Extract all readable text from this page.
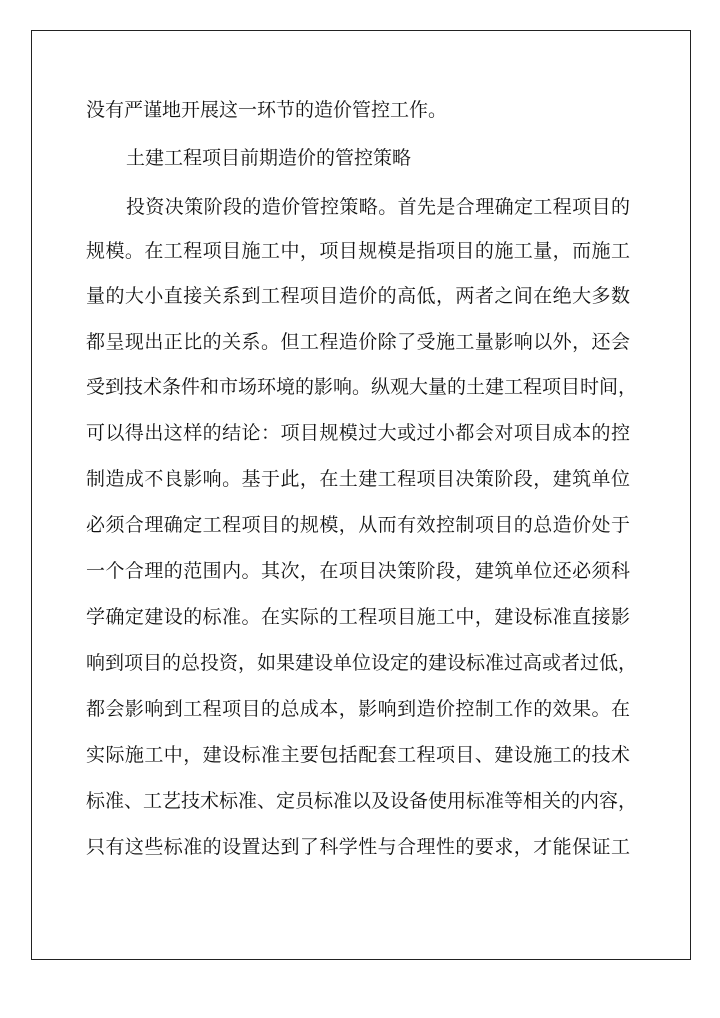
没有严谨地开展这一环节的造价管控工作。
土建工程项目前期造价的管控策略
投资决策阶段的造价管控策略。首先是合理确定工程项目的
规模。在工程项目施工中，项目规模是指项目的施工量，而施工
量的大小直接关系到工程项目造价的高低，两者之间在绝大多数
都呈现出正比的关系。但工程造价除了受施工量影响以外，还会
受到技术条件和市场环境的影响。纵观大量的土建工程项目时间，
可以得出这样的结论：项目规模过大或过小都会对项目成本的控
制造成不良影响。基于此，在土建工程项目决策阶段，建筑单位
必须合理确定工程项目的规模，从而有效控制项目的总造价处于
一个合理的范围内。其次，在项目决策阶段，建筑单位还必须科
学确定建设的标准。在实际的工程项目施工中，建设标准直接影
响到项目的总投资，如果建设单位设定的建设标准过高或者过低，
都会影响到工程项目的总成本，影响到造价控制工作的效果。在
实际施工中，建设标准主要包括配套工程项目、建设施工的技术
标准、工艺技术标准、定员标准以及设备使用标准等相关的内容，
只有这些标准的设置达到了科学性与合理性的要求，才能保证工
